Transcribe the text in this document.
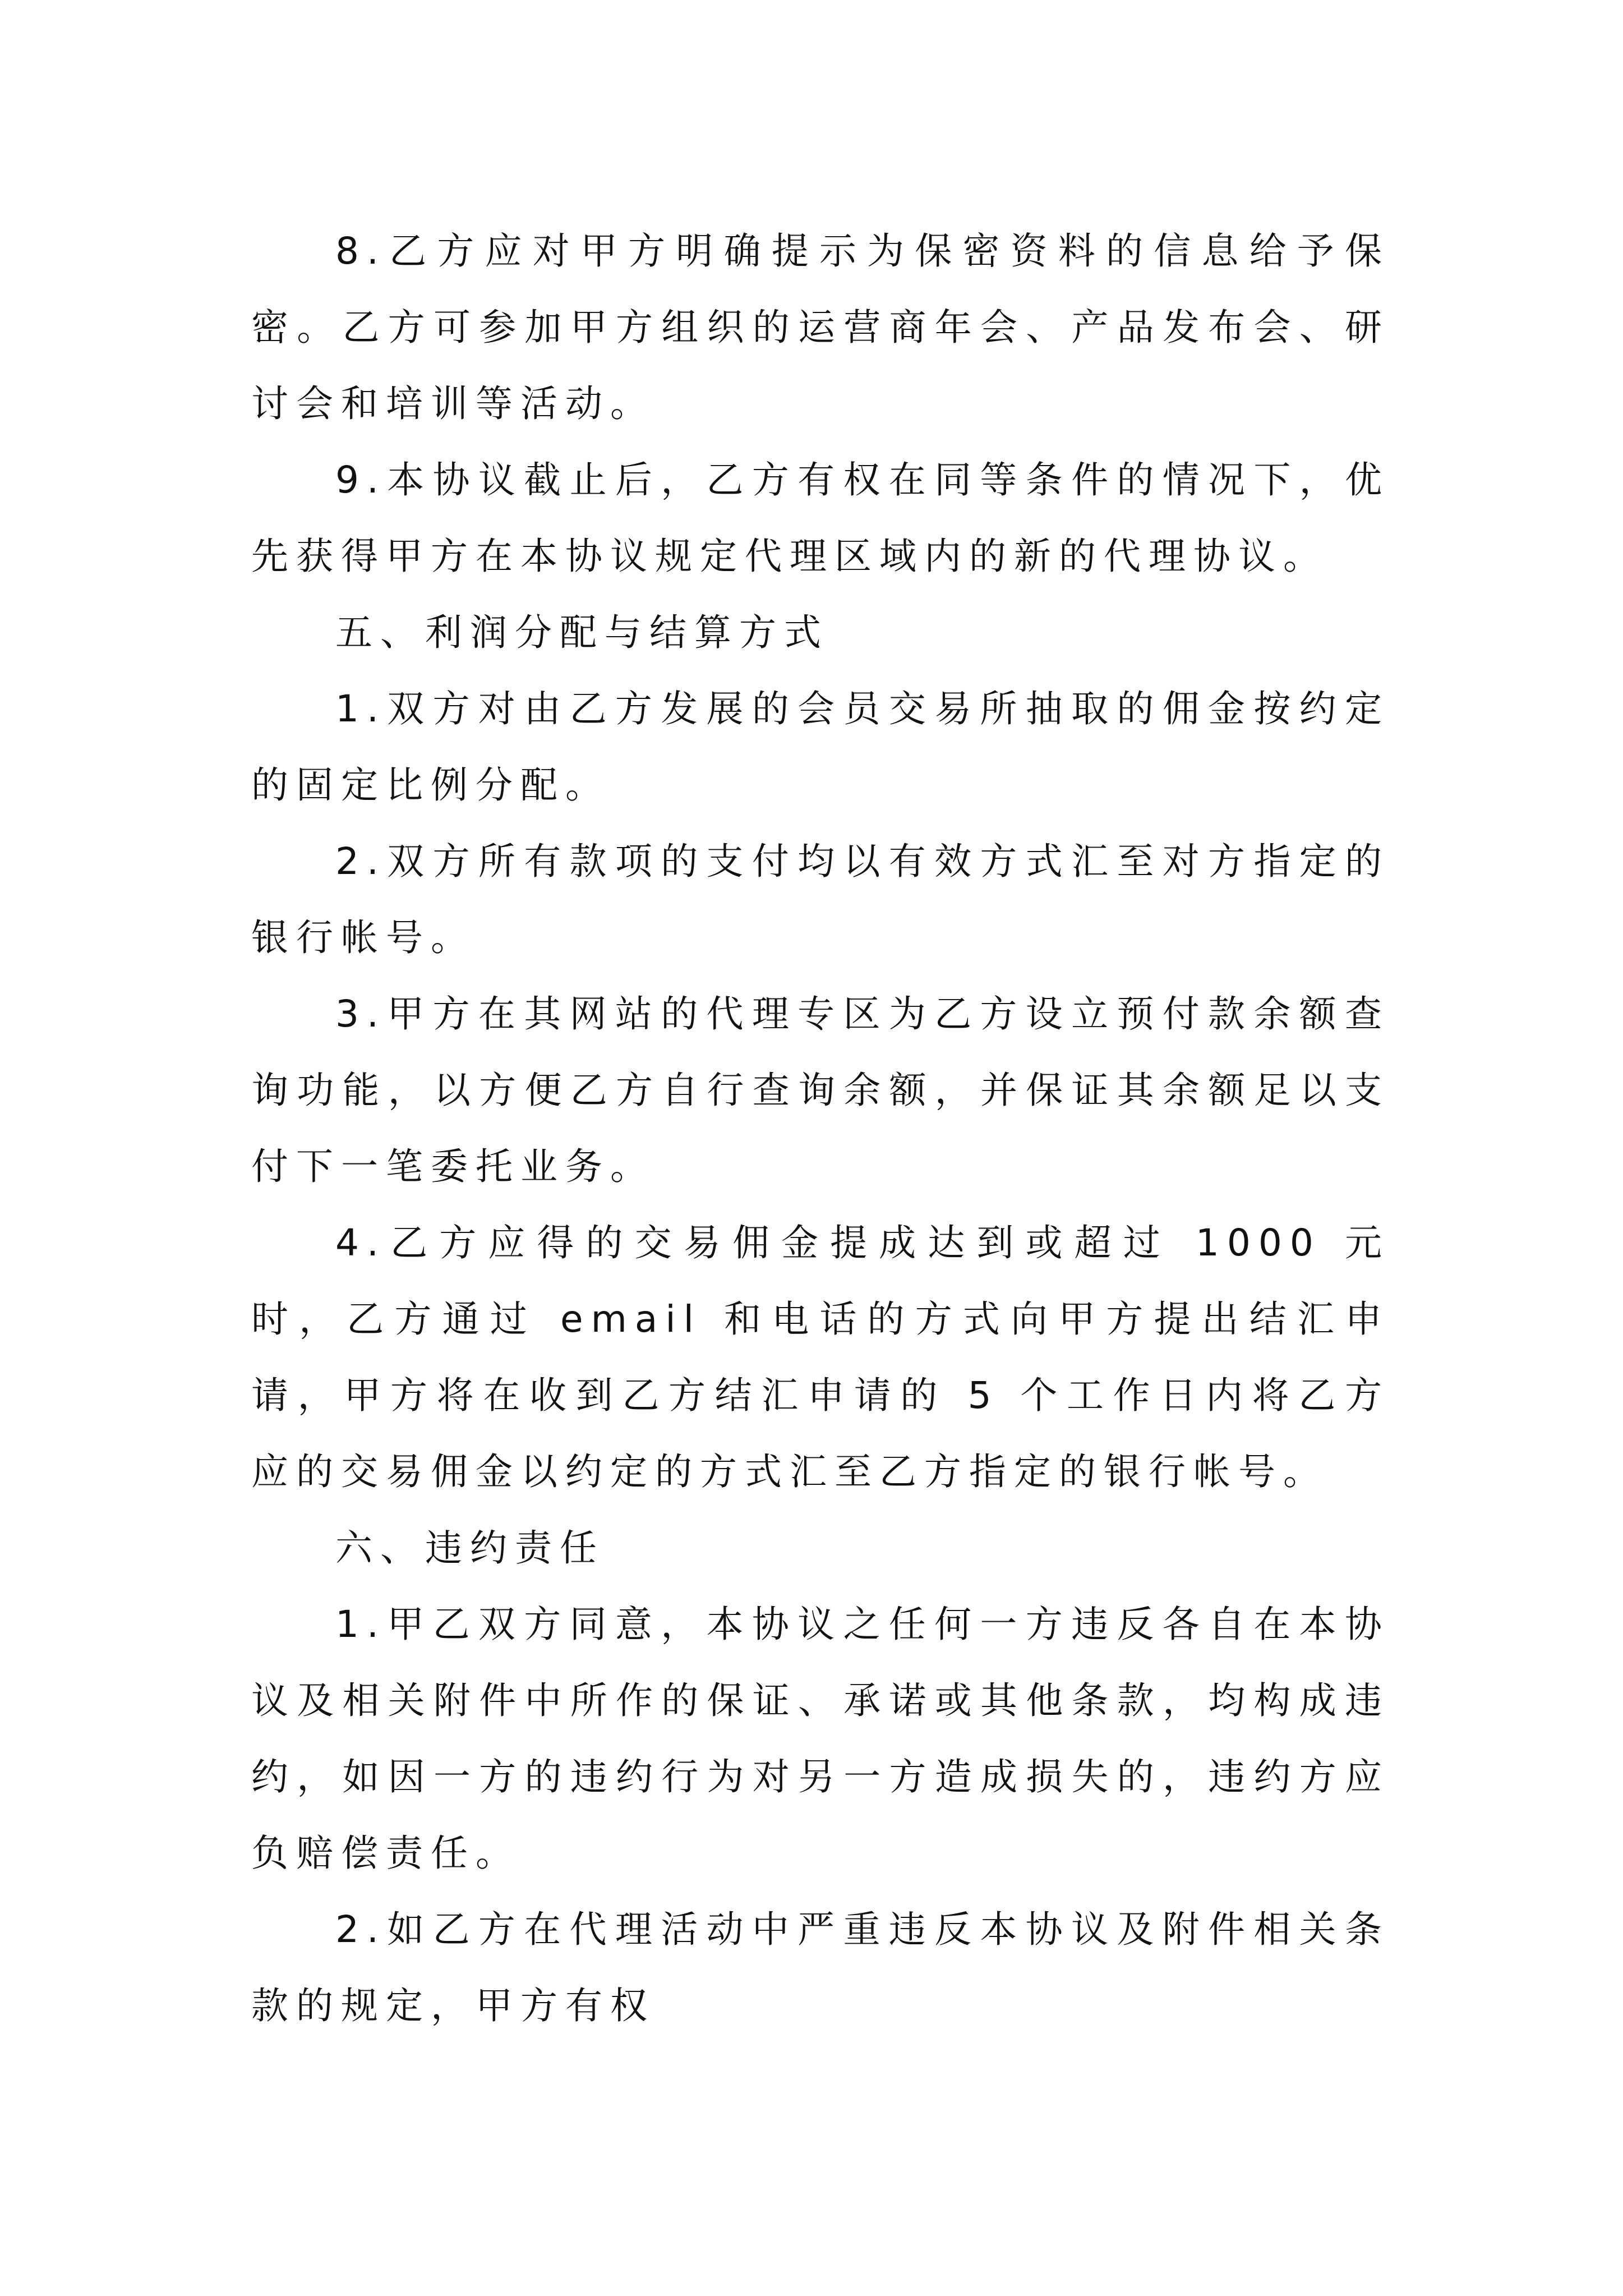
8.乙方应对甲方明确提示为保密资料的信息给予保密。乙方可参加甲方组织的运营商年会、产品发布会、研讨会和培训等活动。

9.本协议截止后，乙方有权在同等条件的情况下，优先获得甲方在本协议规定代理区域内的新的代理协议。

五、利润分配与结算方式

1.双方对由乙方发展的会员交易所抽取的佣金按约定的固定比例分配。

2.双方所有款项的支付均以有效方式汇至对方指定的银行帐号。

3.甲方在其网站的代理专区为乙方设立预付款余额查询功能，以方便乙方自行查询余额，并保证其余额足以支付下一笔委托业务。

4.乙方应得的交易佣金提成达到或超过 1000 元时，乙方通过 email 和电话的方式向甲方提出结汇申请，甲方将在收到乙方结汇申请的 5 个工作日内将乙方应的交易佣金以约定的方式汇至乙方指定的银行帐号。

六、违约责任

1.甲乙双方同意，本协议之任何一方违反各自在本协议及相关附件中所作的保证、承诺或其他条款，均构成违约，如因一方的违约行为对另一方造成损失的，违约方应负赔偿责任。

2.如乙方在代理活动中严重违反本协议及附件相关条款的规定，甲方有权
